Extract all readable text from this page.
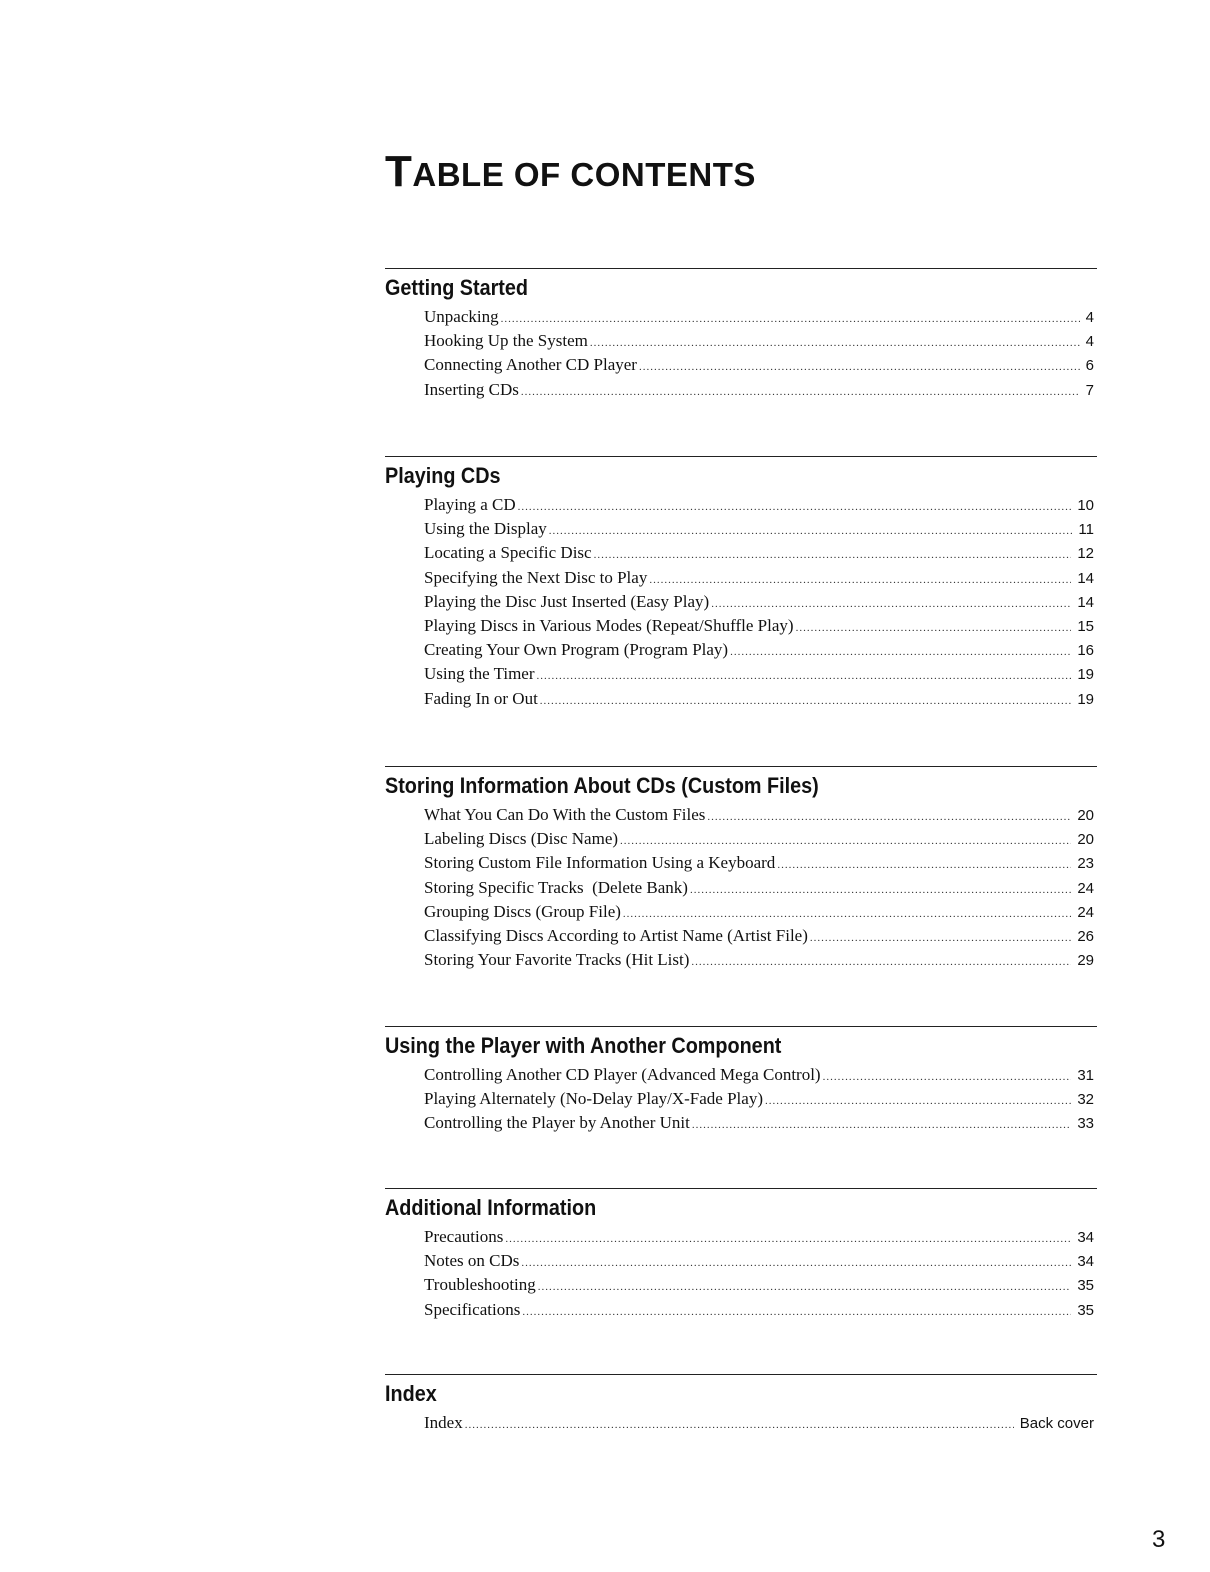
TABLE OF CONTENTS
Getting Started
Unpacking .....	4
Hooking Up the System .....	4
Connecting Another CD Player .....	6
Inserting CDs .....	7
Playing CDs
Playing a CD .....	10
Using the Display .....	11
Locating a Specific Disc .....	12
Specifying the Next Disc to Play .....	14
Playing the Disc Just Inserted (Easy Play) .....	14
Playing Discs in Various Modes (Repeat/Shuffle Play) .....	15
Creating Your Own Program (Program Play) .....	16
Using the Timer .....	19
Fading In or Out .....	19
Storing Information About CDs (Custom Files)
What You Can Do With the Custom Files .....	20
Labeling Discs (Disc Name) .....	20
Storing Custom File Information Using a Keyboard .....	23
Storing Specific Tracks  (Delete Bank) .....	24
Grouping Discs (Group File) .....	24
Classifying Discs According to Artist Name (Artist File) .....	26
Storing Your Favorite Tracks (Hit List) .....	29
Using the Player with Another Component
Controlling Another CD Player (Advanced Mega Control) .....	31
Playing Alternately (No-Delay Play/X-Fade Play) .....	32
Controlling the Player by Another Unit .....	33
Additional Information
Precautions .....	34
Notes on CDs .....	34
Troubleshooting .....	35
Specifications .....	35
Index
Index .....	Back cover
3
